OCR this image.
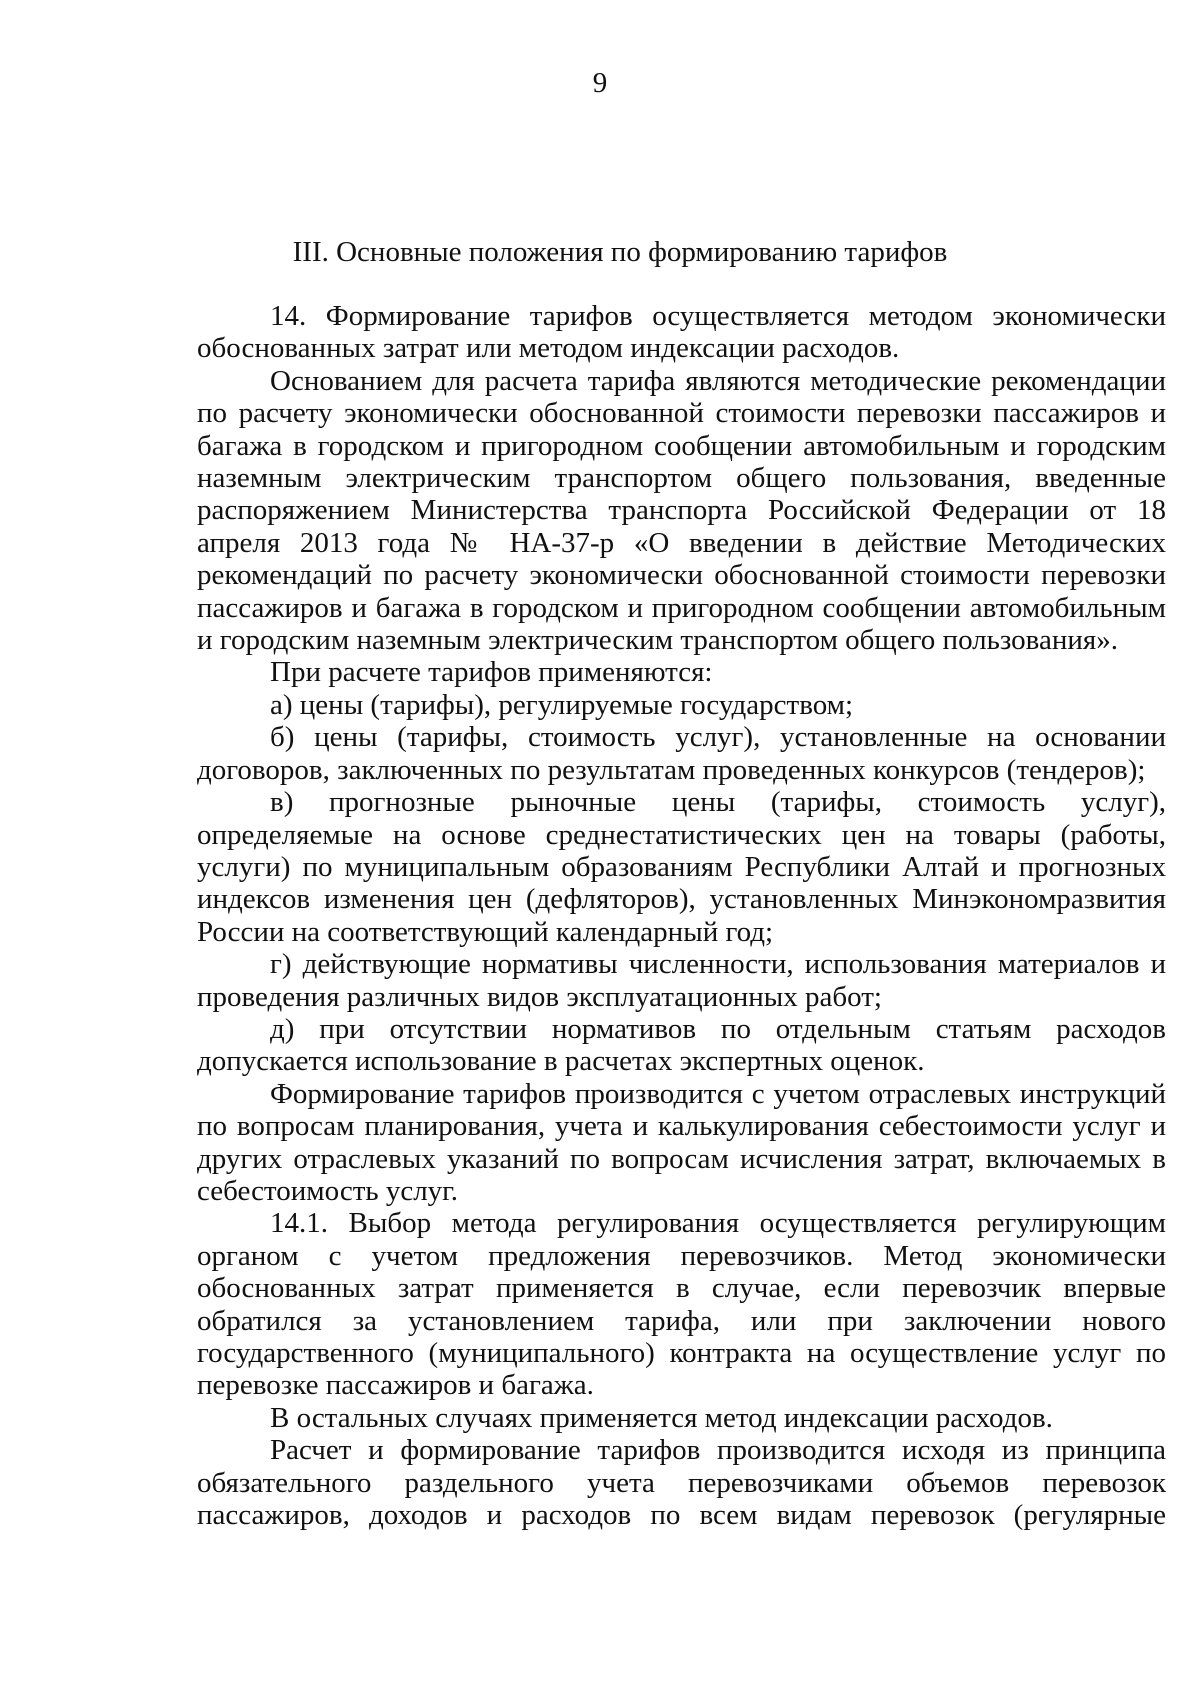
9
III. Основные положения по формированию тарифов

14. Формирование тарифов осуществляется методом экономически обоснованных затрат или методом индексации расходов.

Основанием для расчета тарифа являются методические рекомендации по расчету экономически обоснованной стоимости перевозки пассажиров и багажа в городском и пригородном сообщении автомобильным и городским наземным электрическим транспортом общего пользования, введенные распоряжением Министерства транспорта Российской Федерации от 18 апреля 2013 года № НА-37-р «О введении в действие Методических рекомендаций по расчету экономически обоснованной стоимости перевозки пассажиров и багажа в городском и пригородном сообщении автомобильным и городским наземным электрическим транспортом общего пользования».

При расчете тарифов применяются:

а) цены (тарифы), регулируемые государством;

б) цены (тарифы, стоимость услуг), установленные на основании договоров, заключенных по результатам проведенных конкурсов (тендеров);

в) прогнозные рыночные цены (тарифы, стоимость услуг), определяемые на основе среднестатистических цен на товары (работы, услуги) по муниципальным образованиям Республики Алтай и прогнозных индексов изменения цен (дефляторов), установленных Минэкономразвития России на соответствующий календарный год;

г) действующие нормативы численности, использования материалов и проведения различных видов эксплуатационных работ;

д) при отсутствии нормативов по отдельным статьям расходов допускается использование в расчетах экспертных оценок.

Формирование тарифов производится с учетом отраслевых инструкций по вопросам планирования, учета и калькулирования себестоимости услуг и других отраслевых указаний по вопросам исчисления затрат, включаемых в себестоимость услуг.

14.1. Выбор метода регулирования осуществляется регулирующим органом с учетом предложения перевозчиков. Метод экономически обоснованных затрат применяется в случае, если перевозчик впервые обратился за установлением тарифа, или при заключении нового государственного (муниципального) контракта на осуществление услуг по перевозке пассажиров и багажа.

В остальных случаях применяется метод индексации расходов.

Расчет и формирование тарифов производится исходя из принципа обязательного раздельного учета перевозчиками объемов перевозок пассажиров, доходов и расходов по всем видам перевозок (регулярные
